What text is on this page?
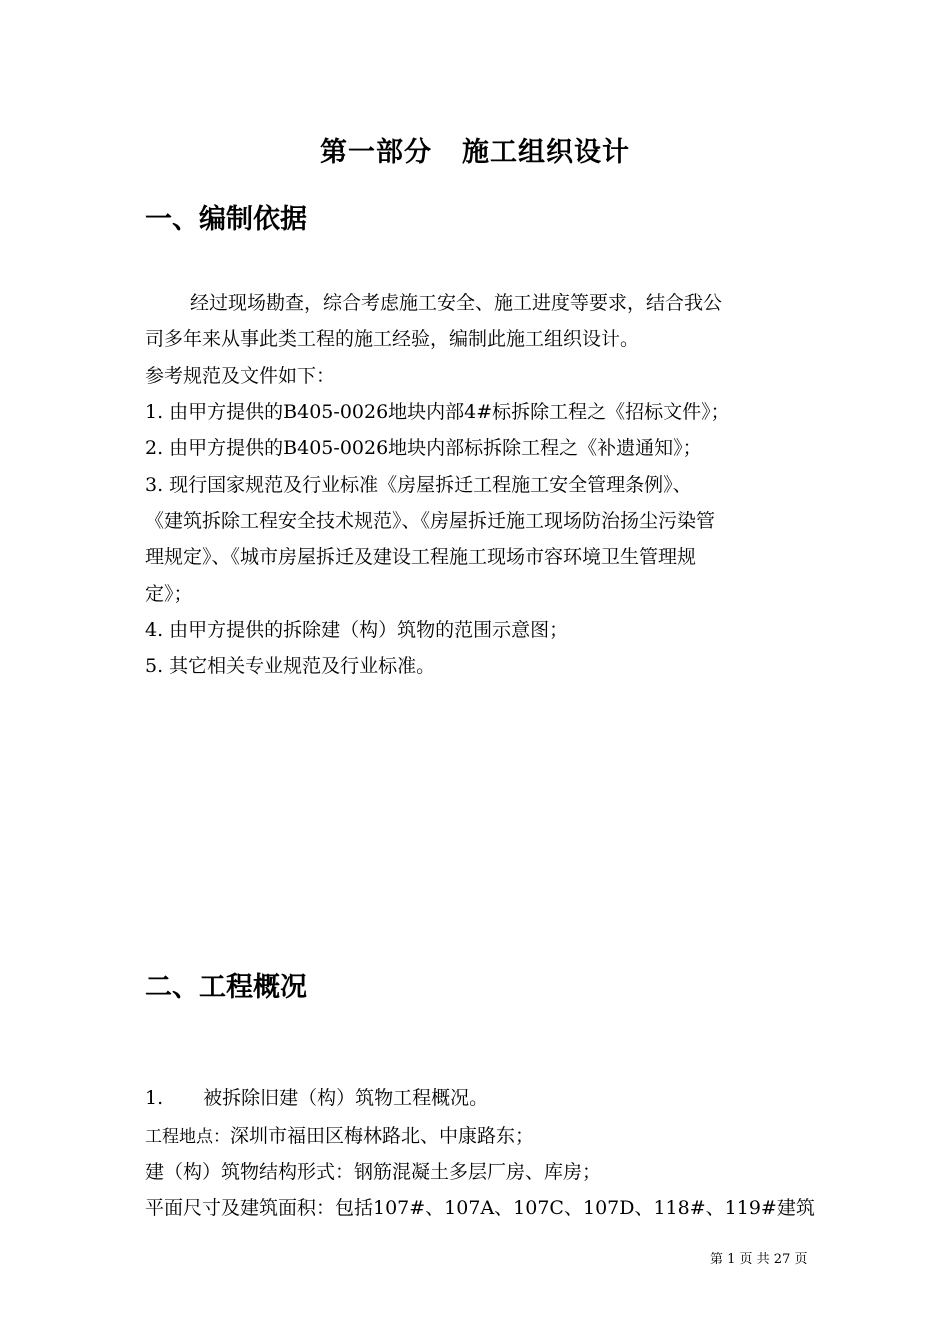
第一部分 施工组织设计
一、编制依据
经过现场勘查，综合考虑施工安全、施工进度等要求，结合我公
司多年来从事此类工程的施工经验，编制此施工组织设计。
参考规范及文件如下：
1. 由甲方提供的B405-0026地块内部4#标拆除工程之《招标文件》；
2. 由甲方提供的B405-0026地块内部标拆除工程之《补遗通知》；
3. 现行国家规范及行业标准《房屋拆迁工程施工安全管理条例》、
《建筑拆除工程安全技术规范》、《房屋拆迁施工现场防治扬尘污染管
理规定》、《城市房屋拆迁及建设工程施工现场市容环境卫生管理规
定》；
4. 由甲方提供的拆除建（构）筑物的范围示意图；
5. 其它相关专业规范及行业标准。
二、工程概况
1. 被拆除旧建（构）筑物工程概况。
工程地点：深圳市福田区梅林路北、中康路东；
建（构）筑物结构形式：钢筋混凝土多层厂房、库房；
平面尺寸及建筑面积：包括107#、107A、107C、107D、118#、119#建筑
第 1 页 共 27 页
